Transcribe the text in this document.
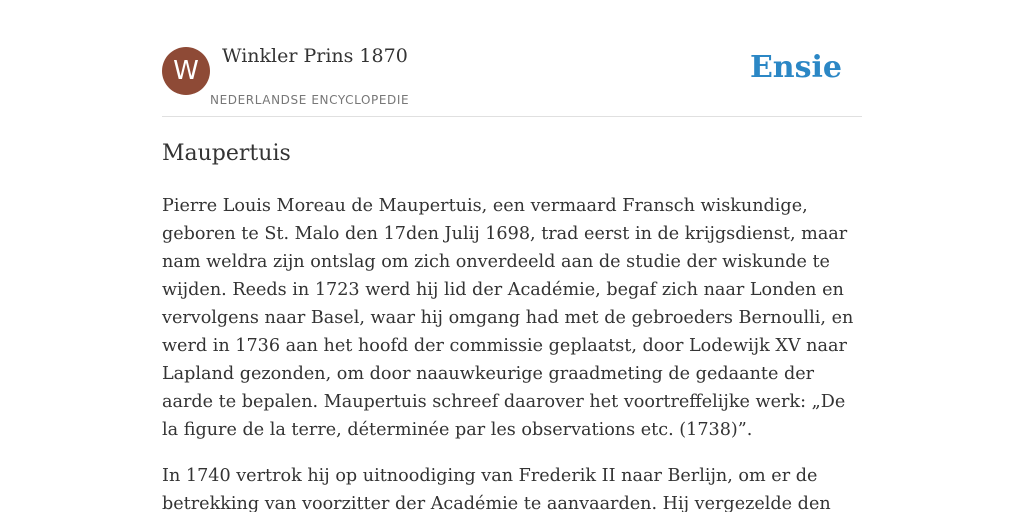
W	Winkler Prins 1870
NEDERLANDSE ENCYCLOPEDIE
Ensie
Maupertuis

Pierre Louis Moreau de Maupertuis, een vermaard Fransch wiskundige, geboren te St. Malo den 17den Julij 1698, trad eerst in de krijgsdienst, maar nam weldra zijn ontslag om zich onverdeeld aan de studie der wiskunde te wijden. Reeds in 1723 werd hij lid der Académie, begaf zich naar Londen en vervolgens naar Basel, waar hij omgang had met de gebroeders Bernoulli, en werd in 1736 aan het hoofd der commissie geplaatst, door Lodewijk XV naar Lapland gezonden, om door naauwkeurige graadmeting de gedaante der aarde te bepalen. Maupertuis schreef daarover het voortreffelijke werk: „De la figure de la terre, déterminée par les observations etc. (1738)”.

In 1740 vertrok hij op uitnoodiging van Frederik II naar Berlijn, om er de betrekking van voorzitter der Académie te aanvaarden. Hij vergezelde den
